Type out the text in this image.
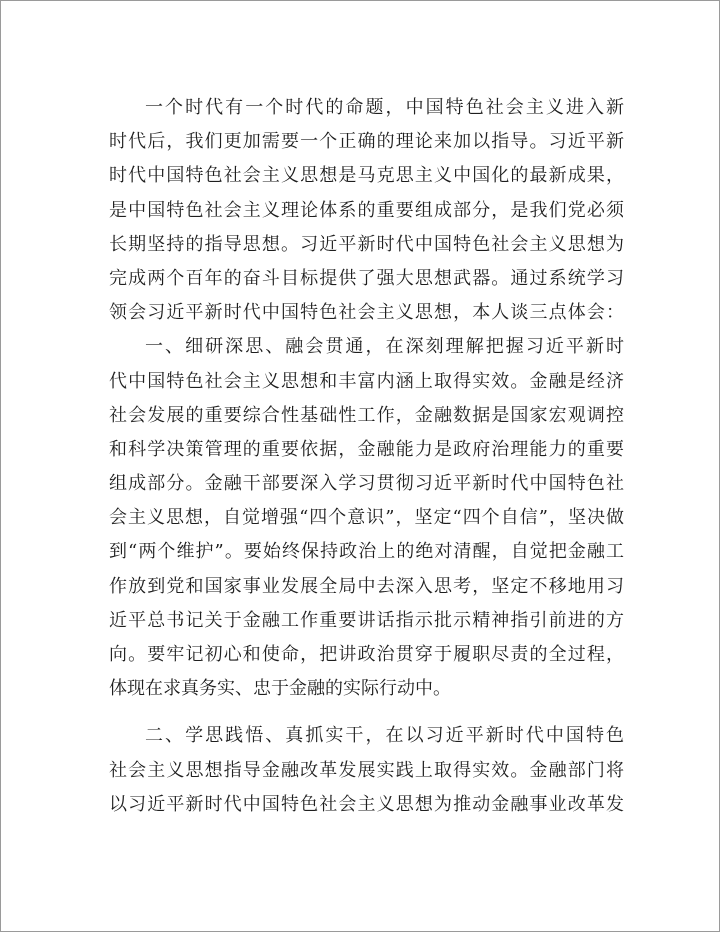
一个时代有一个时代的命题，中国特色社会主义进入新
时代后，我们更加需要一个正确的理论来加以指导。习近平新
时代中国特色社会主义思想是马克思主义中国化的最新成果，
是中国特色社会主义理论体系的重要组成部分，是我们党必须
长期坚持的指导思想。习近平新时代中国特色社会主义思想为
完成两个百年的奋斗目标提供了强大思想武器。通过系统学习
领会习近平新时代中国特色社会主义思想，本人谈三点体会：
一、细研深思、融会贯通，在深刻理解把握习近平新时
代中国特色社会主义思想和丰富内涵上取得实效。金融是经济
社会发展的重要综合性基础性工作，金融数据是国家宏观调控
和科学决策管理的重要依据，金融能力是政府治理能力的重要
组成部分。金融干部要深入学习贯彻习近平新时代中国特色社
会主义思想，自觉增强“四个意识”，坚定“四个自信”，坚决做
到“两个维护”。要始终保持政治上的绝对清醒，自觉把金融工
作放到党和国家事业发展全局中去深入思考，坚定不移地用习
近平总书记关于金融工作重要讲话指示批示精神指引前进的方
向。要牢记初心和使命，把讲政治贯穿于履职尽责的全过程，
体现在求真务实、忠于金融的实际行动中。
二、学思践悟、真抓实干，在以习近平新时代中国特色
社会主义思想指导金融改革发展实践上取得实效。金融部门将
以习近平新时代中国特色社会主义思想为推动金融事业改革发
